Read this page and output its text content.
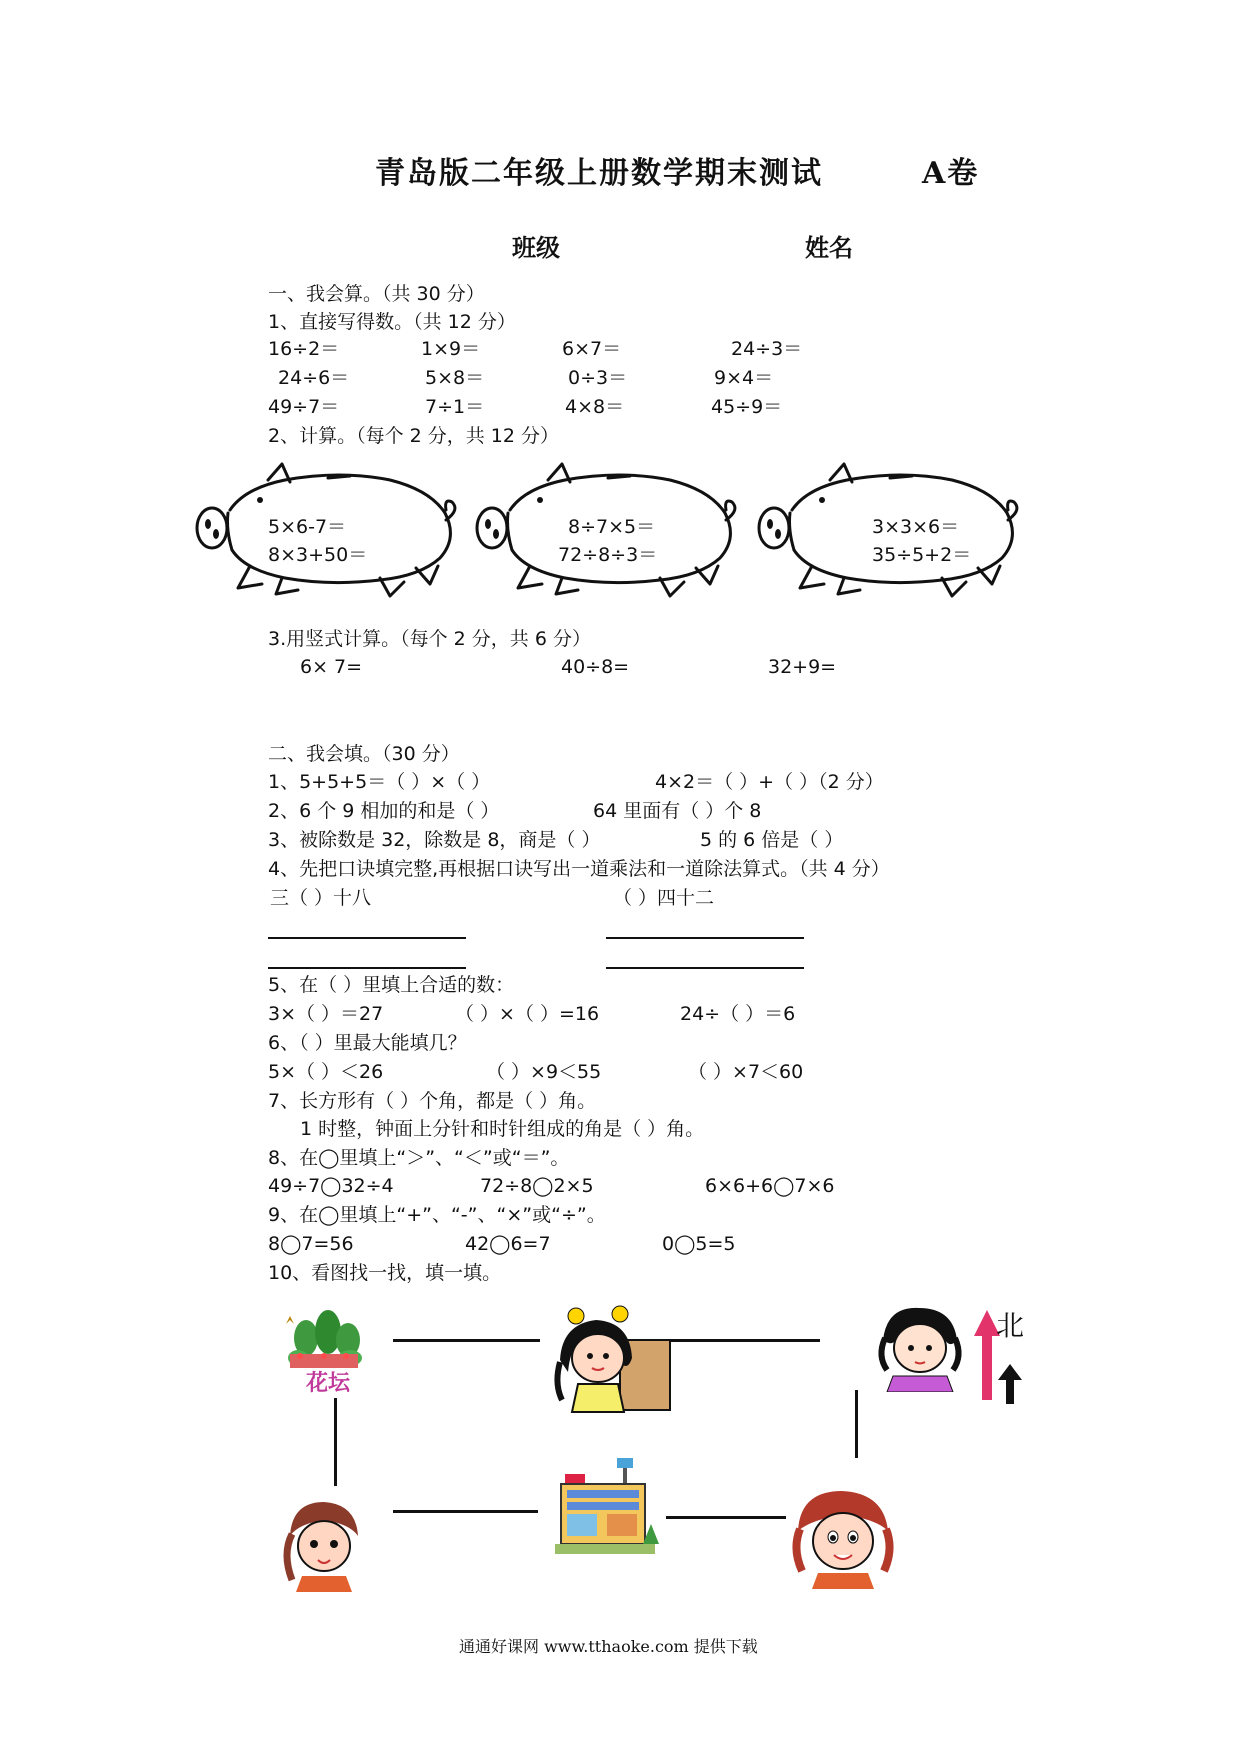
青岛版二年级上册数学期末测试	A卷
班级	姓名
一、我会算。（共 30 分）
1、直接写得数。（共 12 分）
16÷2＝	1×9＝	6×7＝	24÷3＝
24÷6＝	5×8＝	0÷3＝	9×4＝
49÷7＝	7÷1＝	4×8＝	45÷9＝
2、计算。（每个 2 分，共 12 分）
5×6-7＝
8×3+50＝
8÷7×5＝
72÷8÷3＝
3×3×6＝
35÷5+2＝
3.用竖式计算。（每个 2 分，共 6 分）
6× 7=	40÷8=	32+9=
二、我会填。（30 分）
1、5+5+5＝（ ）×（ ）	4×2＝（ ）+（ ）（2 分）
2、6 个 9 相加的和是（ ）	64 里面有（ ）个 8
3、被除数是 32，除数是 8，商是（ ）	5 的 6 倍是（ ）
4、先把口诀填完整,再根据口诀写出一道乘法和一道除法算式。（共 4 分）
三（ ）十八	（ ）四十二
5、在（ ）里填上合适的数：
3×（ ）＝27	（ ）×（ ）=16	24÷（ ）＝6
6、（ ）里最大能填几？
5×（ ）＜26	（ ）×9＜55	（ ）×7＜60
7、长方形有（ ）个角，都是（ ）角。
1 时整，钟面上分针和时针组成的角是（ ）角。
8、在◯里填上“＞”、“＜”或“＝”。
49÷7◯32÷4	72÷8◯2×5	6×6+6◯7×6
9、在◯里填上“+”、“-”、“×”或“÷”。
8◯7=56	42◯6=7	0◯5=5
10、看图找一找，填一填。
花坛
北
通通好课网 www.tthaoke.com 提供下载
